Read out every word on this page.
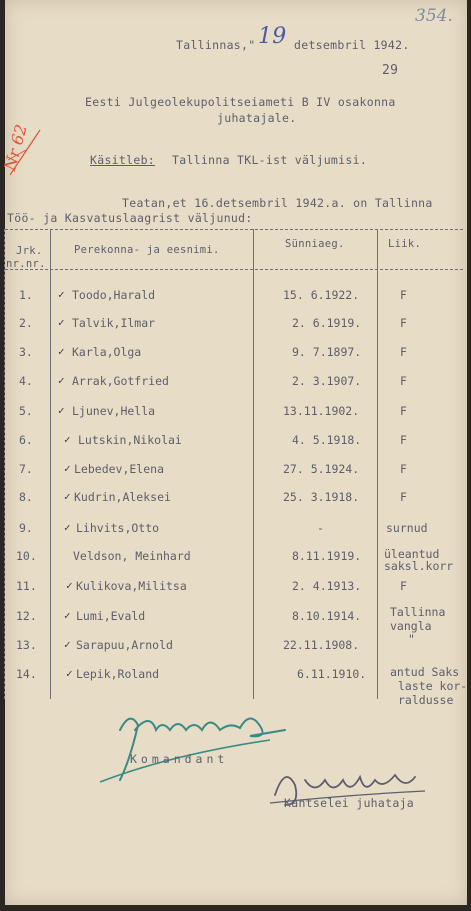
354.
Tallinnas," 19 detsembril 1942.
29
Nr 62
Eesti Julgeolekupolitseiameti B IV osakonna
juhatajale.
Käsitleb: Tallinna TKL-ist väljumisi.
Teatan,et 16.detsembril 1942.a. on Tallinna
Töö- ja Kasvatuslaagrist väljunud:
Jrk.
nr.nr.
Perekonna- ja eesnimi.	Sünniaeg.	Liik.
1. ✓ Toodo,Harald	15. 6.1922.	F
2. ✓ Talvik,Ilmar	2. 6.1919.	F
3. ✓ Karla,Olga	9. 7.1897.	F
4. ✓ Arrak,Gotfried	2. 3.1907.	F
5. ✓ Ljunev,Hella	13.11.1902.	F
6.	✓ Lutskin,Nikolai	4. 5.1918.	F
7.	✓ Lebedev,Elena	27. 5.1924.	F
8.	✓ Kudrin,Aleksei	25. 3.1918.	F
9.	✓ Lihvits,Otto	-	surnud
10.	Veldson, Meinhard	8.11.1919. üleantud
saksl.korr
11.	✓ Kulikova,Militsa	2. 4.1913.	F
12. ✓ Lumi,Evald	8.10.1914.	Tallinna
vangla
13. ✓ Sarapuu,Arnold	22.11.1908.	"
14.	✓ Lepik,Roland	6.11.1910. antud Saks
laste kor-
raldusse
Komandant
Kantselei juhataja
